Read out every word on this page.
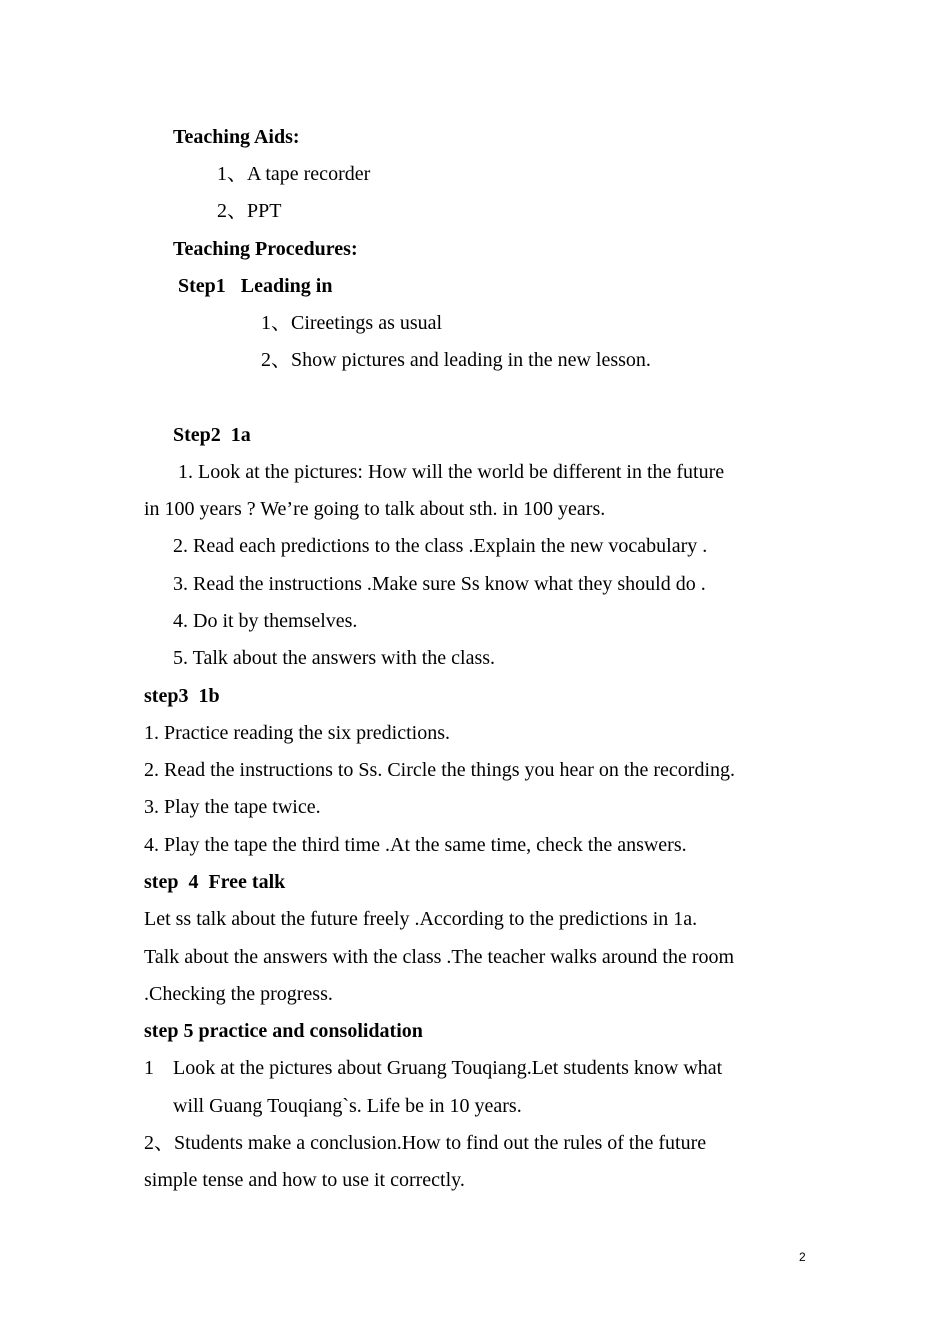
Teaching Aids:
1、A tape recorder
2、PPT
Teaching Procedures:
Step1   Leading in
1、Cireetings as usual
2、Show pictures and leading in the new lesson.
Step2  1a
1. Look at the pictures: How will the world be different in the future
in 100 years ? We’re going to talk about sth. in 100 years.
2. Read each predictions to the class .Explain the new vocabulary .
3. Read the instructions .Make sure Ss know what they should do .
4. Do it by themselves.
5. Talk about the answers with the class.
step3  1b
1. Practice reading the six predictions.
2. Read the instructions to Ss. Circle the things you hear on the recording.
3. Play the tape twice.
4. Play the tape the third time .At the same time, check the answers.
step  4  Free talk
Let ss talk about the future freely .According to the predictions in 1a.
Talk about the answers with the class .The teacher walks around the room
.Checking the progress.
step 5 practice and consolidation
1 Look at the pictures about Gruang Touqiang.Let students know what
will Guang Touqiang`s. Life be in 10 years.
2、Students make a conclusion.How to find out the rules of the future
simple tense and how to use it correctly.
2
